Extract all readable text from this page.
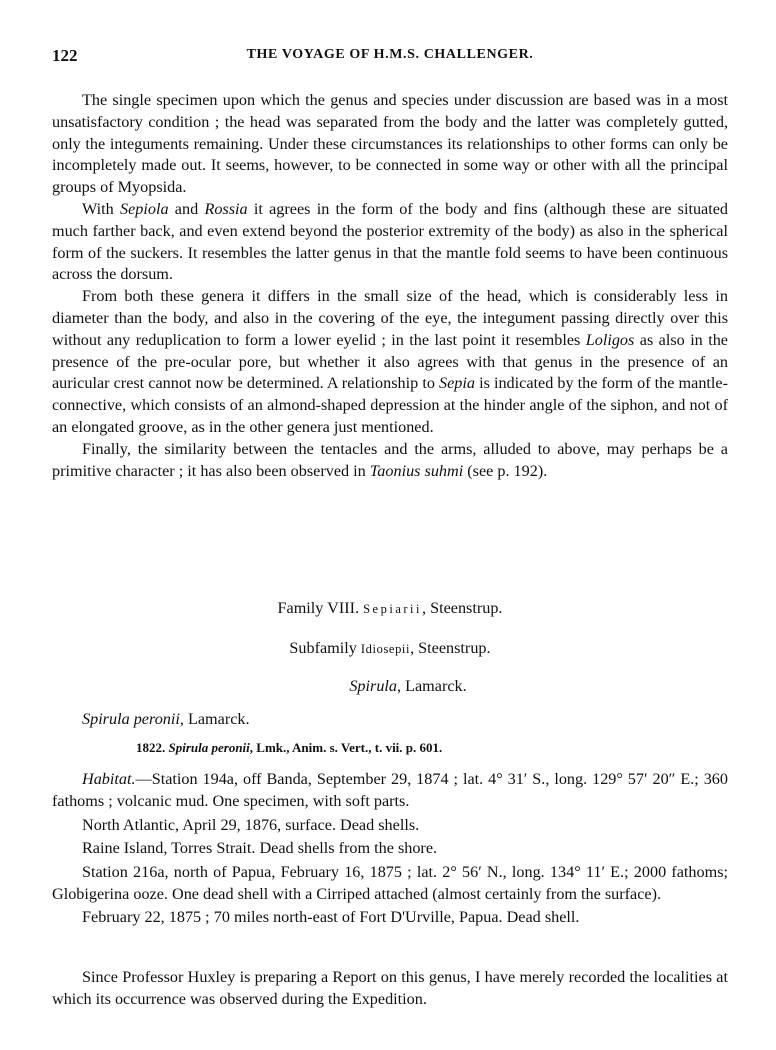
122	THE VOYAGE OF H.M.S. CHALLENGER.

The single specimen upon which the genus and species under discussion are based was in a most unsatisfactory condition ; the head was separated from the body and the latter was completely gutted, only the integuments remaining. Under these circumstances its relationships to other forms can only be incompletely made out. It seems, however, to be connected in some way or other with all the principal groups of Myopsida.

With Sepiola and Rossia it agrees in the form of the body and fins (although these are situated much farther back, and even extend beyond the posterior extremity of the body) as also in the spherical form of the suckers. It resembles the latter genus in that the mantle fold seems to have been continuous across the dorsum.

From both these genera it differs in the small size of the head, which is considerably less in diameter than the body, and also in the covering of the eye, the integument passing directly over this without any reduplication to form a lower eyelid ; in the last point it resembles Loligos as also in the presence of the pre-ocular pore, but whether it also agrees with that genus in the presence of an auricular crest cannot now be determined. A relationship to Sepia is indicated by the form of the mantle-connective, which consists of an almond-shaped depression at the hinder angle of the siphon, and not of an elongated groove, as in the other genera just mentioned.

Finally, the similarity between the tentacles and the arms, alluded to above, may perhaps be a primitive character ; it has also been observed in Taonius suhmi (see p. 192).

Family VIII. Sepiarii, Steenstrup.
Subfamily Idiosepii, Steenstrup.
Spirula, Lamarck.
Spirula peronii, Lamarck.
1822. Spirula peronii, Lmk., Anim. s. Vert., t. vii. p. 601.

Habitat.—Station 194a, off Banda, September 29, 1874 ; lat. 4° 31′ S., long. 129° 57′ 20″ E.; 360 fathoms ; volcanic mud. One specimen, with soft parts.

North Atlantic, April 29, 1876, surface. Dead shells.

Raine Island, Torres Strait. Dead shells from the shore.

Station 216a, north of Papua, February 16, 1875 ; lat. 2° 56′ N., long. 134° 11′ E.; 2000 fathoms; Globigerina ooze. One dead shell with a Cirriped attached (almost certainly from the surface).

February 22, 1875 ; 70 miles north-east of Fort D'Urville, Papua. Dead shell.

Since Professor Huxley is preparing a Report on this genus, I have merely recorded the localities at which its occurrence was observed during the Expedition.
